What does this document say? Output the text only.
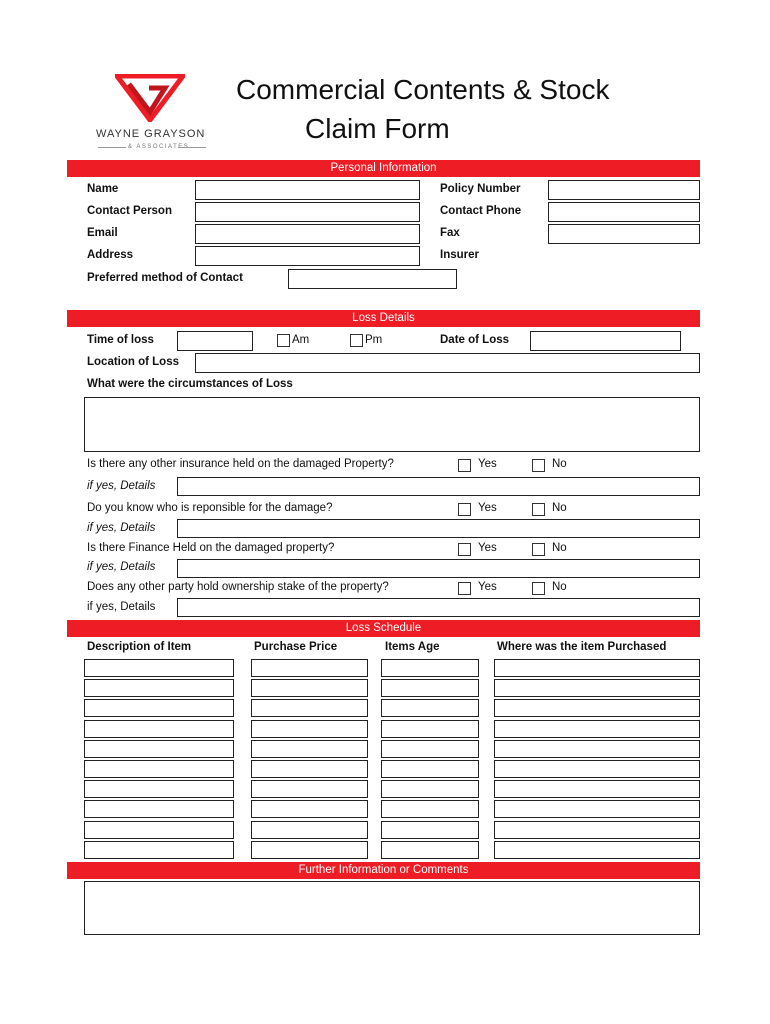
WAYNE GRAYSON
& ASSOCIATES
Commercial Contents & Stock
Claim Form
Personal Information
Name	Policy Number
Contact Person	Contact Phone
Email	Fax
Address	Insurer
Preferred method of Contact
Loss Details
Time of loss	Am	Pm	Date of Loss
Location of Loss
What were the circumstances of Loss
Is there any other insurance held on the damaged Property?	Yes	No
if yes, Details
Do you know who is reponsible for the damage?	Yes	No
if yes, Details
Is there Finance Held on the damaged property?	Yes	No
if yes, Details
Does any other party hold ownership stake of the property?	Yes	No
if yes, Details
Loss Schedule
Description of Item	Purchase Price	Items Age	Where was the item Purchased
Further Information or Comments
